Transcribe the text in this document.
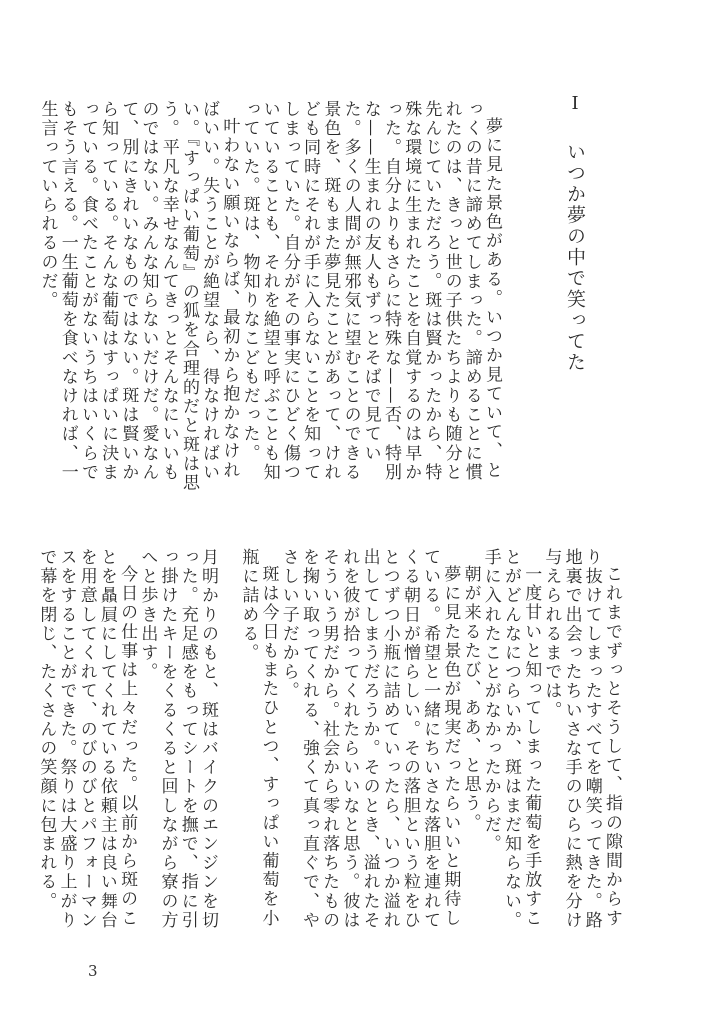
I
いつか夢の中で笑ってた

夢に見た景色がある。いつか見ていて、とっくの昔に諦めてしまった。諦めることに慣れたのは、きっと世の子供たちよりも随分と先んじていただろう。斑は賢かったから、特殊な環境に生まれたことを自覚するのは早かった。自分よりもさらに特殊な——否、特別な——生まれの友人もずっとそばで見ていた。多くの人間が無邪気に望むことのできる景色を、斑もまた夢見たことがあって、けれども同時にそれが手に入らないことを知ってしまっていた。自分がその事実にひどく傷ついていることも、それを絶望と呼ぶことも知っていた。斑は、物知りなこどもだった。

叶わない願いならば、最初から抱かなければいい。失うことが絶望なら、得なければいい。『すっぱい葡萄』の狐を合理的だと斑は思う。平凡な幸せなんてきっとそんなにいいものではない。みんな知らないだけだ。愛なんて、別にきれいなものではない。斑は賢いから知っている。そんな葡萄はすっぱいに決まっている。食べたことがないうちはいくらでもそう言える。一生葡萄を食べなければ、一生言っていられるのだ。

これまでずっとそうして、指の隙間からすり抜けてしまったすべてを嘲笑ってきた。路地裏で出会ったちいさな手のひらに熱を分け与えられるまでは。

一度甘いと知ってしまった葡萄を手放すことがどんなにつらいか、斑はまだ知らない。手に入れたことがなかったからだ。

朝が来るたび、ああ、と思う。

夢に見た景色が現実だったらいいと期待している。希望と一緒にちいさな落胆を連れてくる朝日が憎らしい。その落胆という粒をひとつずつ小瓶に詰めていったら、いつか溢れ出してしまうだろうか。そのとき、溢れたそれを彼が拾ってくれたらいいなと思う。彼はそういう男だから。社会から零れ落ちたものを掬い取ってくれる、強くて真っ直ぐで、やさしい子だから。

斑は今日もまたひとつ、すっぱい葡萄を小瓶に詰める。

月明かりのもと、斑はバイクのエンジンを切った。充足感をもってシートを撫で、指に引っ掛けたキーをくるくると回しながら寮の方へと歩き出す。

今日の仕事は上々だった。以前から斑のことを贔屓にしてくれている依頼主は良い舞台を用意してくれて、のびのびとパフォーマンスをすることができた。祭りは大盛り上がりで幕を閉じ、たくさんの笑顔に包まれる。

3
